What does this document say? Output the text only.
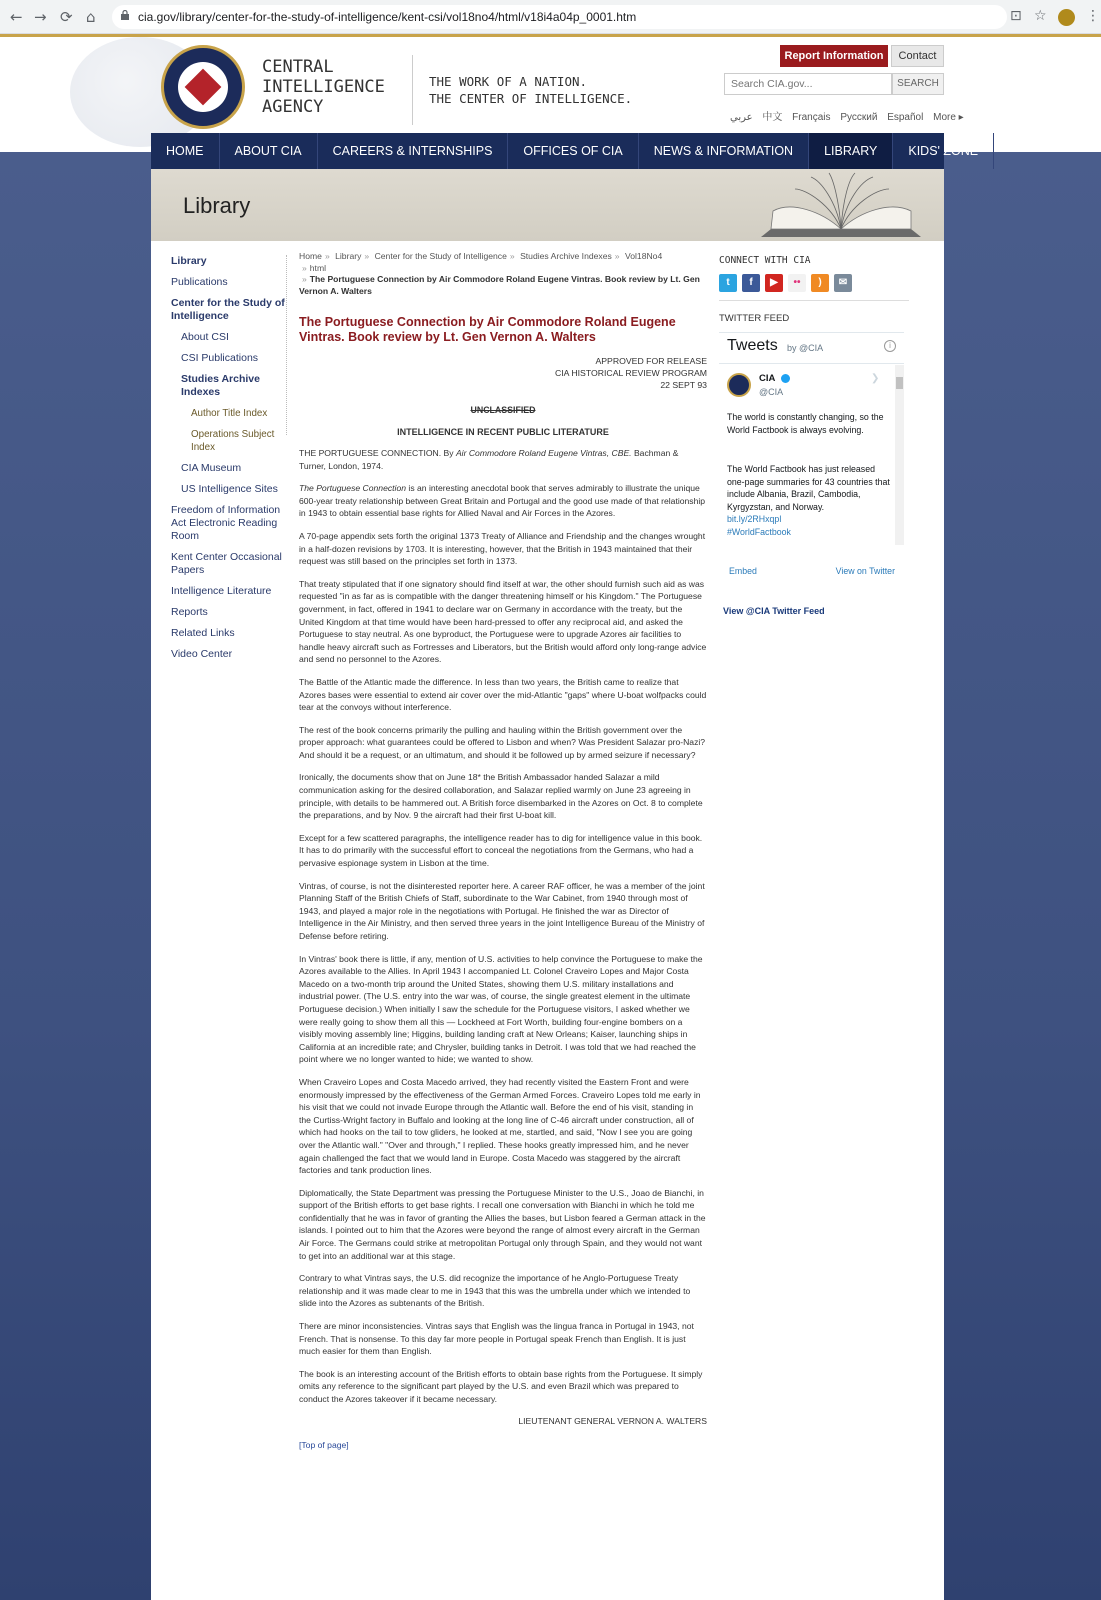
← → ⟳ ⌂	cia.gov/library/center-for-the-study-of-intelligence/kent-csi/vol18no4/html/v18i4a04p_0001.htm	⊡ ☆	⋮
CENTRAL
INTELLIGENCE
AGENCY
THE WORK OF A NATION.
THE CENTER OF INTELLIGENCE.
Report Information	Contact
Search CIA.gov...
SEARCH
عربي 中文 Français Русский Español More ▸
HOME	ABOUT CIA	CAREERS & INTERNSHIPS	OFFICES OF CIA	NEWS & INFORMATION	LIBRARY	KIDS' ZONE
Library
Library
Publications
Center for the Study of Intelligence
About CSI
CSI Publications
Studies Archive Indexes
Author Title Index
Operations Subject Index
CIA Museum
US Intelligence Sites
Freedom of Information Act Electronic Reading Room
Kent Center Occasional Papers
Intelligence Literature
Reports
Related Links
Video Center
Home » Library » Center for the Study of Intelligence » Studies Archive Indexes » Vol18No4
» html
» The Portuguese Connection by Air Commodore Roland Eugene Vintras. Book review by Lt. Gen Vernon A. Walters
The Portuguese Connection by Air Commodore Roland Eugene Vintras. Book review by Lt. Gen Vernon A. Walters
APPROVED FOR RELEASE
CIA HISTORICAL REVIEW PROGRAM
22 SEPT 93
UNCLASSIFIED
INTELLIGENCE IN RECENT PUBLIC LITERATURE
THE PORTUGUESE CONNECTION. By Air Commodore Roland Eugene Vintras, CBE. Bachman & Turner, London, 1974.
The Portuguese Connection is an interesting anecdotal book that serves admirably to illustrate the unique 600-year treaty relationship between Great Britain and Portugal and the good use made of that relationship in 1943 to obtain essential base rights for Allied Naval and Air Forces in the Azores.
A 70-page appendix sets forth the original 1373 Treaty of Alliance and Friendship and the changes wrought in a half-dozen revisions by 1703. It is interesting, however, that the British in 1943 maintained that their request was still based on the principles set forth in 1373.
That treaty stipulated that if one signatory should find itself at war, the other should furnish such aid as was requested "in as far as is compatible with the danger threatening himself or his Kingdom." The Portuguese government, in fact, offered in 1941 to declare war on Germany in accordance with the treaty, but the United Kingdom at that time would have been hard-pressed to offer any reciprocal aid, and asked the Portuguese to stay neutral. As one byproduct, the Portuguese were to upgrade Azores air facilities to handle heavy aircraft such as Fortresses and Liberators, but the British would afford only long-range advice and send no personnel to the Azores.
The Battle of the Atlantic made the difference. In less than two years, the British came to realize that Azores bases were essential to extend air cover over the mid-Atlantic "gaps" where U-boat wolfpacks could tear at the convoys without interference.
The rest of the book concerns primarily the pulling and hauling within the British government over the proper approach: what guarantees could be offered to Lisbon and when? Was President Salazar pro-Nazi? And should it be a request, or an ultimatum, and should it be followed up by armed seizure if necessary?
Ironically, the documents show that on June 18* the British Ambassador handed Salazar a mild communication asking for the desired collaboration, and Salazar replied warmly on June 23 agreeing in principle, with details to be hammered out. A British force disembarked in the Azores on Oct. 8 to complete the preparations, and by Nov. 9 the aircraft had their first U-boat kill.
Except for a few scattered paragraphs, the intelligence reader has to dig for intelligence value in this book. It has to do primarily with the successful effort to conceal the negotiations from the Germans, who had a pervasive espionage system in Lisbon at the time.
Vintras, of course, is not the disinterested reporter here. A career RAF officer, he was a member of the joint Planning Staff of the British Chiefs of Staff, subordinate to the War Cabinet, from 1940 through most of 1943, and played a major role in the negotiations with Portugal. He finished the war as Director of Intelligence in the Air Ministry, and then served three years in the joint Intelligence Bureau of the Ministry of Defense before retiring.
In Vintras' book there is little, if any, mention of U.S. activities to help convince the Portuguese to make the Azores available to the Allies. In April 1943 I accompanied Lt. Colonel Craveiro Lopes and Major Costa Macedo on a two-month trip around the United States, showing them U.S. military installations and industrial power. (The U.S. entry into the war was, of course, the single greatest element in the ultimate Portuguese decision.) When initially I saw the schedule for the Portuguese visitors, I asked whether we were really going to show them all this — Lockheed at Fort Worth, building four-engine bombers on a visibly moving assembly line; Higgins, building landing craft at New Orleans; Kaiser, launching ships in California at an incredible rate; and Chrysler, building tanks in Detroit. I was told that we had reached the point where we no longer wanted to hide; we wanted to show.
When Craveiro Lopes and Costa Macedo arrived, they had recently visited the Eastern Front and were enormously impressed by the effectiveness of the German Armed Forces. Craveiro Lopes told me early in his visit that we could not invade Europe through the Atlantic wall. Before the end of his visit, standing in the Curtiss-Wright factory in Buffalo and looking at the long line of C-46 aircraft under construction, all of which had hooks on the tail to tow gliders, he looked at me, startled, and said, "Now I see you are going over the Atlantic wall." "Over and through," I replied. These hooks greatly impressed him, and he never again challenged the fact that we would land in Europe. Costa Macedo was staggered by the aircraft factories and tank production lines.
Diplomatically, the State Department was pressing the Portuguese Minister to the U.S., Joao de Bianchi, in support of the British efforts to get base rights. I recall one conversation with Bianchi in which he told me confidentially that he was in favor of granting the Allies the bases, but Lisbon feared a German attack in the islands. I pointed out to him that the Azores were beyond the range of almost every aircraft in the German Air Force. The Germans could strike at metropolitan Portugal only through Spain, and they would not want to get into an additional war at this stage.
Contrary to what Vintras says, the U.S. did recognize the importance of he Anglo-Portuguese Treaty relationship and it was made clear to me in 1943 that this was the umbrella under which we intended to slide into the Azores as subtenants of the British.
There are minor inconsistencies. Vintras says that English was the lingua franca in Portugal in 1943, not French. That is nonsense. To this day far more people in Portugal speak French than English. It is just much easier for them than English.
The book is an interesting account of the British efforts to obtain base rights from the Portuguese. It simply omits any reference to the significant part played by the U.S. and even Brazil which was prepared to conduct the Azores takeover if it became necessary.
LIEUTENANT GENERAL VERNON A. WALTERS
[Top of page]
CONNECT WITH CIA
t	f	▶	••	)	✉
TWITTER FEED
Tweets by @CIA	i
CIA
@CIA
❯
The world is constantly changing, so the World Factbook is always evolving.
The World Factbook has just released one-page summaries for 43 countries that include Albania, Brazil, Cambodia, Kyrgyzstan, and Norway.
bit.ly/2RHxqpl
#WorldFactbook
Embed	View on Twitter
View @CIA Twitter Feed
